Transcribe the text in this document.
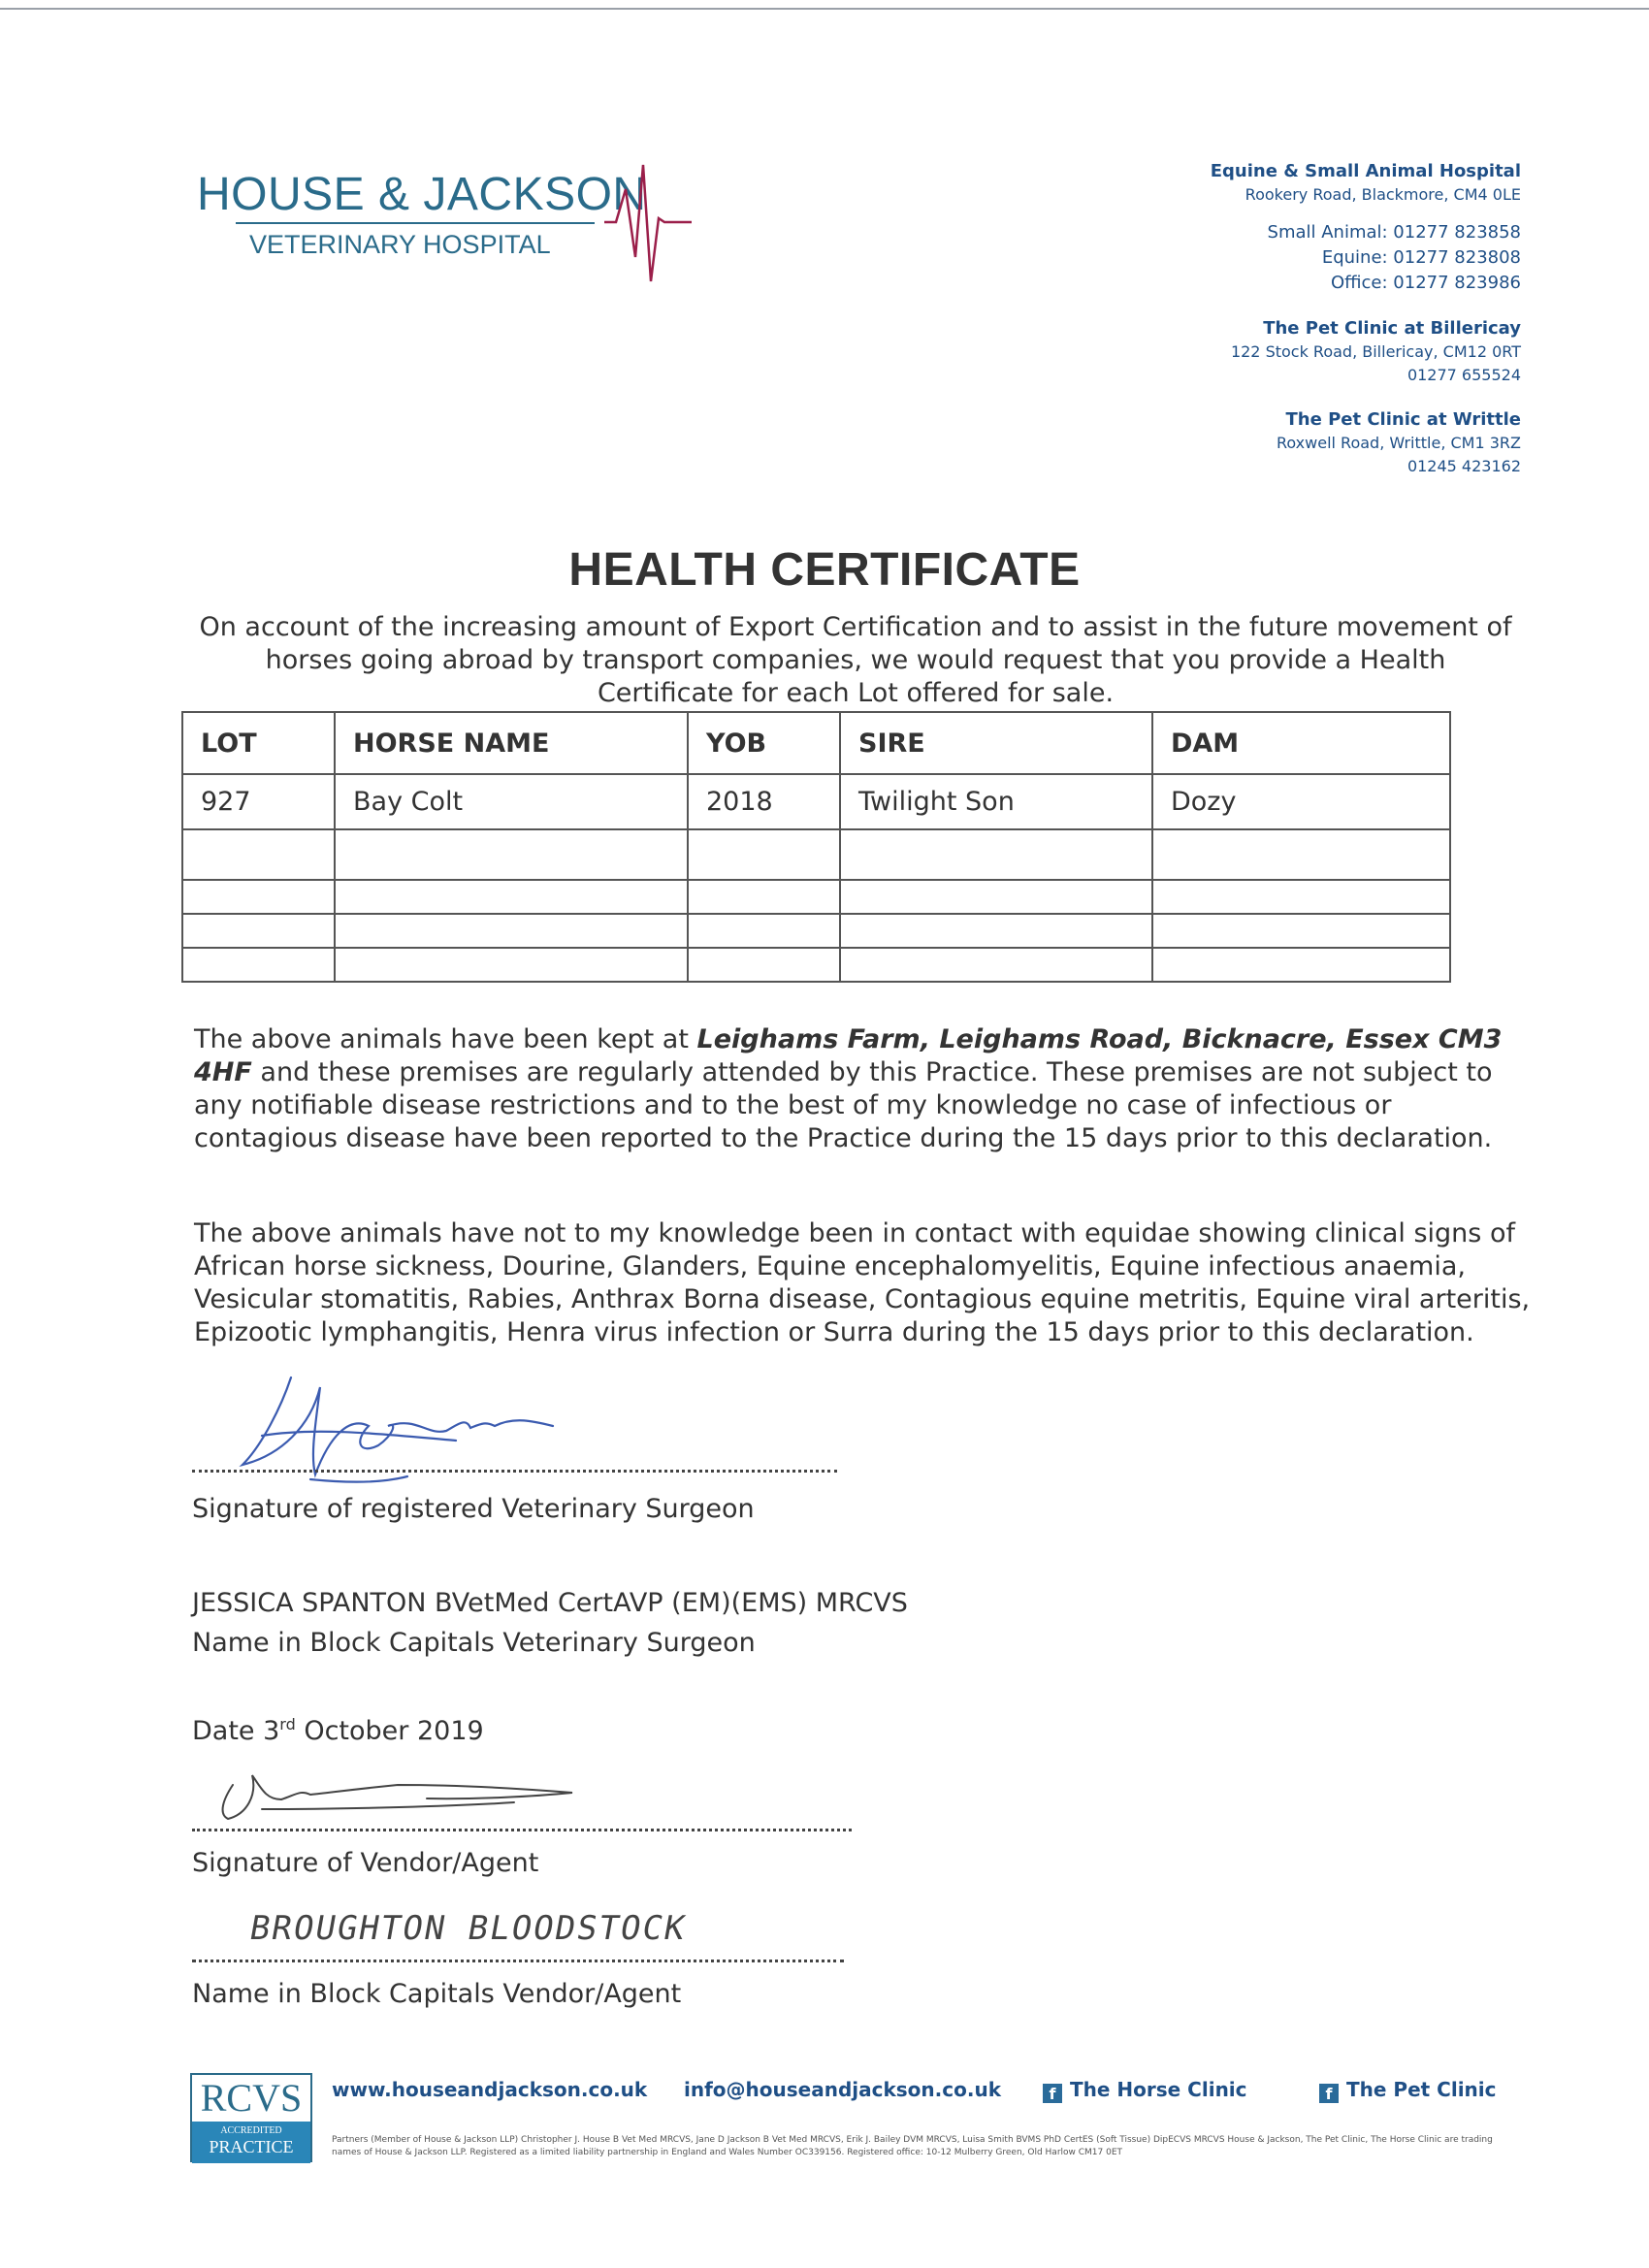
HOUSE & JACKSON
VETERINARY HOSPITAL
Equine & Small Animal Hospital
Rookery Road, Blackmore, CM4 0LE
Small Animal: 01277 823858
Equine: 01277 823808
Office: 01277 823986
The Pet Clinic at Billericay
122 Stock Road, Billericay, CM12 0RT
01277 655524
The Pet Clinic at Writtle
Roxwell Road, Writtle, CM1 3RZ
01245 423162
HEALTH CERTIFICATE
On account of the increasing amount of Export Certification and to assist in the future movement of horses going abroad by transport companies, we would request that you provide a Health Certificate for each Lot offered for sale.
LOT	HORSE NAME	YOB	SIRE	DAM
927	Bay Colt	2018	Twilight Son	Dozy

The above animals have been kept at Leighams Farm, Leighams Road, Bicknacre, Essex CM3 4HF and these premises are regularly attended by this Practice. These premises are not subject to any notifiable disease restrictions and to the best of my knowledge no case of infectious or contagious disease have been reported to the Practice during the 15 days prior to this declaration.
The above animals have not to my knowledge been in contact with equidae showing clinical signs of African horse sickness, Dourine, Glanders, Equine encephalomyelitis, Equine infectious anaemia, Vesicular stomatitis, Rabies, Anthrax Borna disease, Contagious equine metritis, Equine viral arteritis, Epizootic lymphangitis, Henra virus infection or Surra during the 15 days prior to this declaration.
Signature of registered Veterinary Surgeon
JESSICA SPANTON BVetMed CertAVP (EM)(EMS) MRCVS
Name in Block Capitals Veterinary Surgeon
Date 3rd October 2019
Signature of Vendor/Agent
BROUGHTON BLOODSTOCK
Name in Block Capitals Vendor/Agent
RCVS
ACCREDITED
PRACTICE
www.houseandjackson.co.uk info@houseandjackson.co.uk	f The Horse Clinic	f The Pet Clinic
Partners (Member of House & Jackson LLP) Christopher J. House B Vet Med MRCVS, Jane D Jackson B Vet Med MRCVS, Erik J. Bailey DVM MRCVS, Luisa Smith BVMS PhD CertES (Soft Tissue) DipECVS MRCVS House & Jackson, The Pet Clinic, The Horse Clinic are trading names of House & Jackson LLP. Registered as a limited liability partnership in England and Wales Number OC339156. Registered office: 10-12 Mulberry Green, Old Harlow CM17 0ET
